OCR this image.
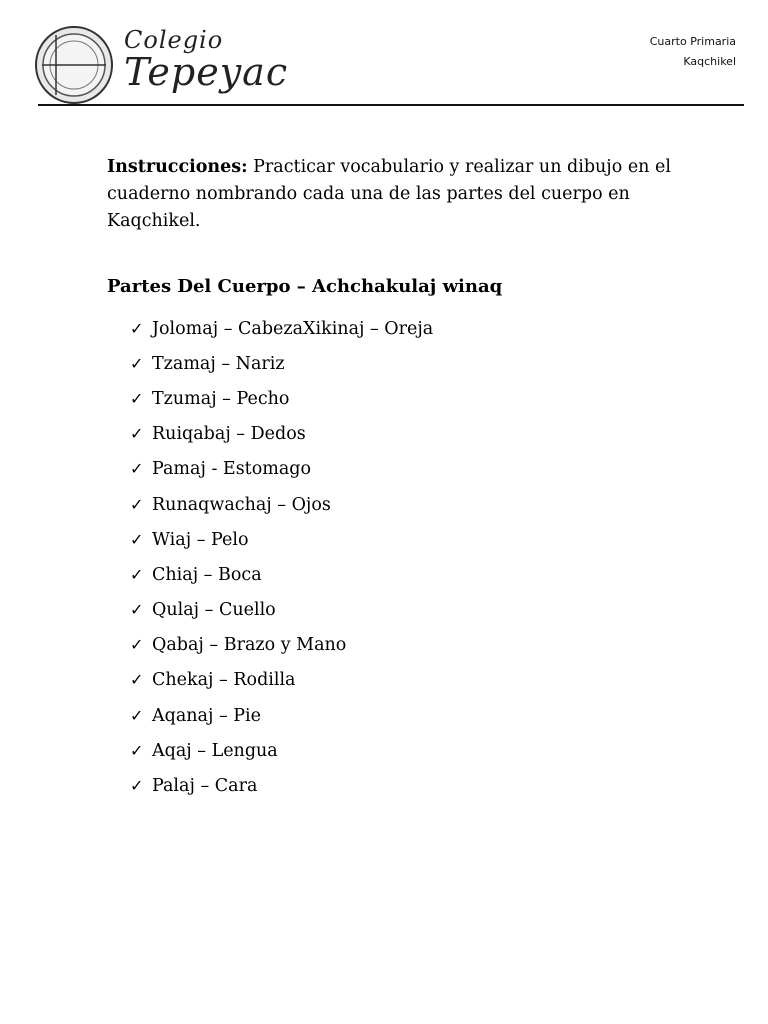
Colegio
Tepeyac
Cuarto Primaria
Kaqchikel
Instrucciones: Practicar vocabulario y realizar un dibujo en el cuaderno nombrando cada una de las partes del cuerpo en Kaqchikel.
Partes Del Cuerpo – Achchakulaj winaq
✓ Jolomaj – CabezaXikinaj – Oreja
✓ Tzamaj – Nariz
✓ Tzumaj – Pecho
✓ Ruiqabaj – Dedos
✓ Pamaj - Estomago
✓ Runaqwachaj – Ojos
✓ Wiaj – Pelo
✓ Chiaj – Boca
✓ Qulaj – Cuello
✓ Qabaj – Brazo y Mano
✓ Chekaj – Rodilla
✓ Aqanaj – Pie
✓ Aqaj – Lengua
✓ Palaj – Cara
